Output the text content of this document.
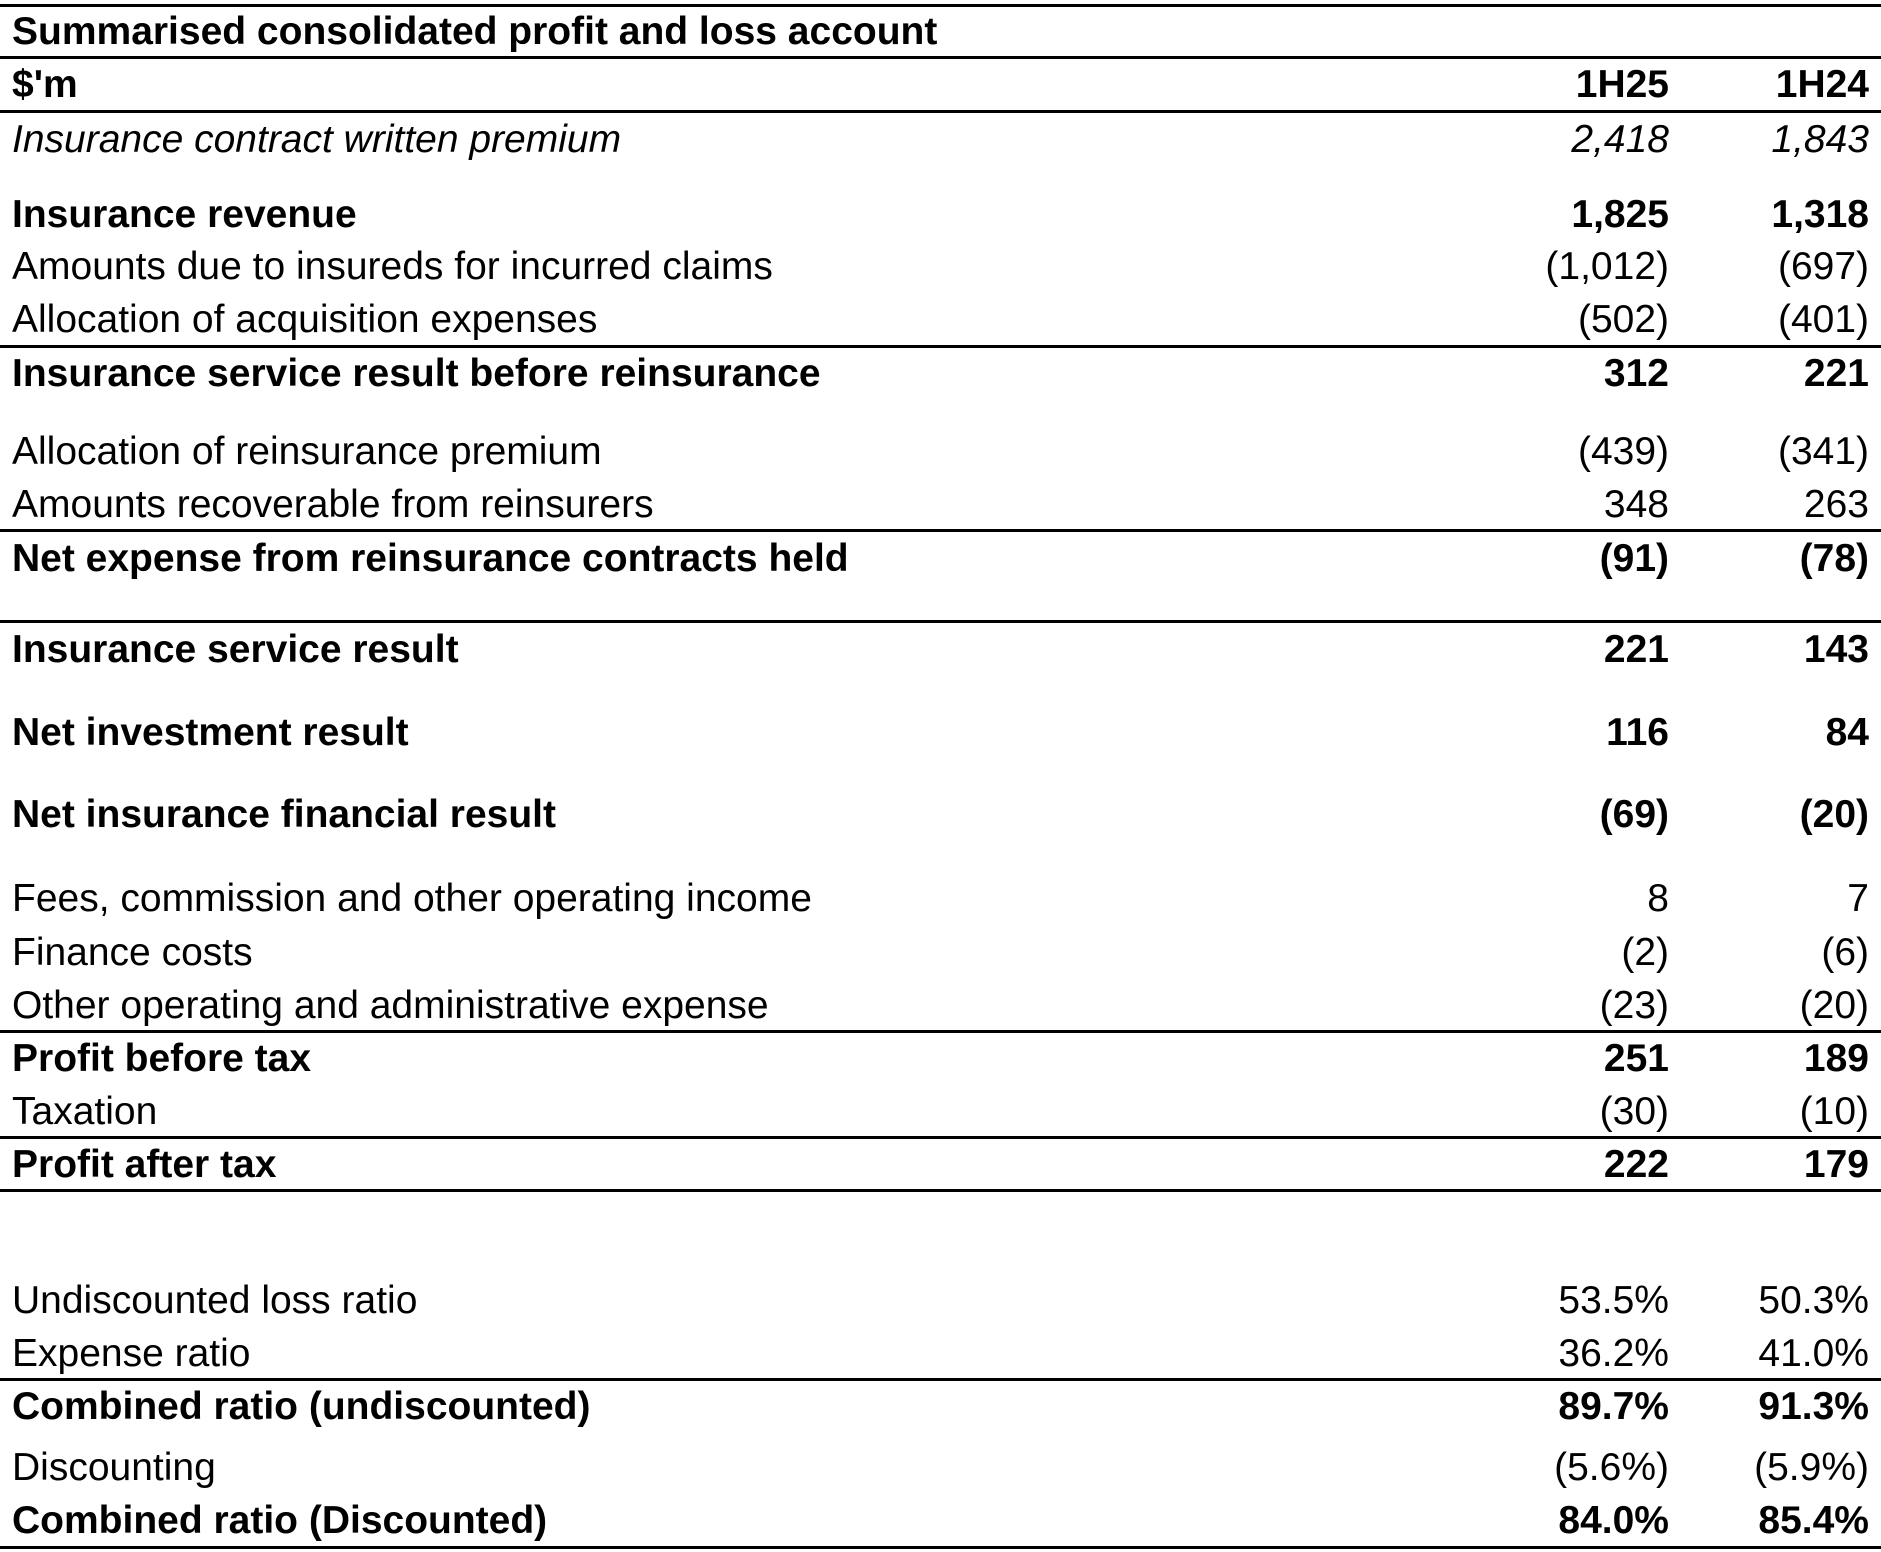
Summarised consolidated profit and loss account
$'m	1H25	1H24
Insurance contract written premium	2,418	1,843
Insurance revenue	1,825	1,318
Amounts due to insureds for incurred claims	(1,012)	(697)
Allocation of acquisition expenses	(502)	(401)
Insurance service result before reinsurance	312	221
Allocation of reinsurance premium	(439)	(341)
Amounts recoverable from reinsurers	348	263
Net expense from reinsurance contracts held	(91)	(78)
Insurance service result	221	143
Net investment result	116	84
Net insurance financial result	(69)	(20)
Fees, commission and other operating income	8	7
Finance costs	(2)	(6)
Other operating and administrative expense	(23)	(20)
Profit before tax	251	189
Taxation	(30)	(10)
Profit after tax	222	179
Undiscounted loss ratio	53.5% 50.3%
Expense ratio	36.2% 41.0%
Combined ratio (undiscounted)	89.7% 91.3%
Discounting	(5.6%) (5.9%)
Combined ratio (Discounted)	84.0% 85.4%
